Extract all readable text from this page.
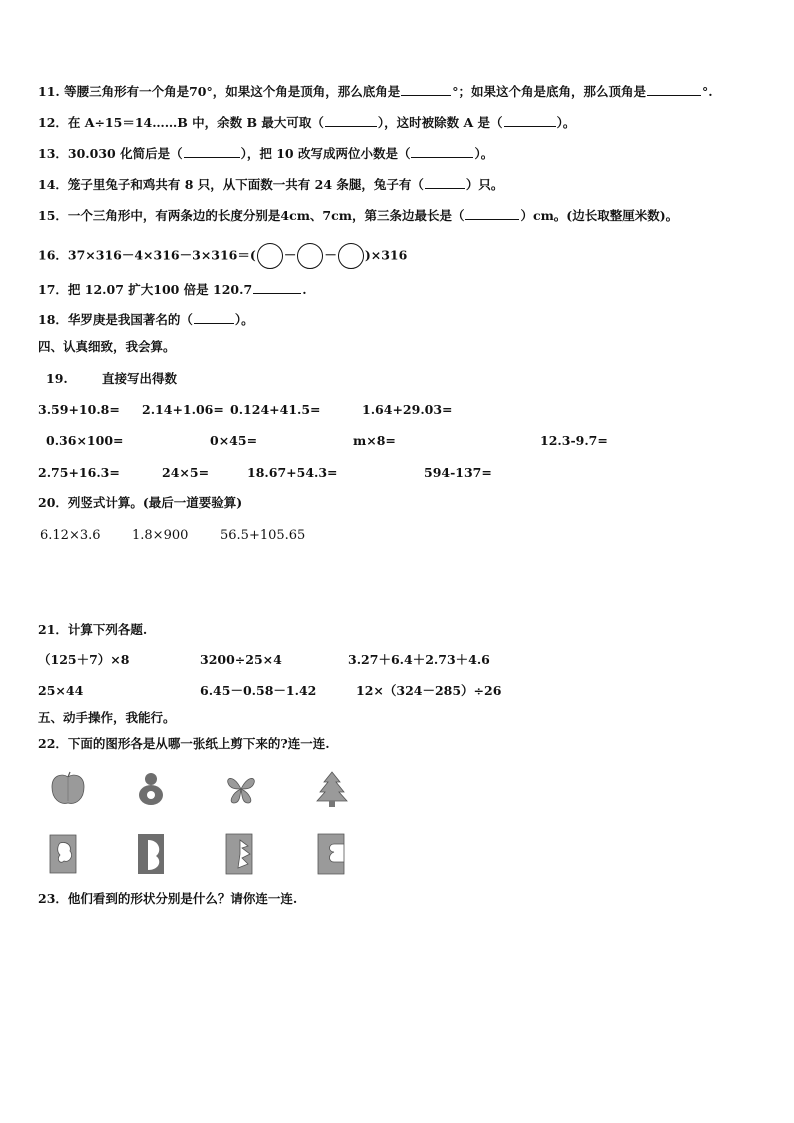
11. 等腰三角形有一个角是70°，如果这个角是顶角，那么底角是	°；如果这个角是底角，那么顶角是	°.
12．在 A÷15＝14……B 中，余数 B 最大可取（	），这时被除数 A 是（	）。
13．30.030 化简后是（	），把 10 改写成两位小数是（	）。
14．笼子里兔子和鸡共有 8 只，从下面数一共有 24 条腿，兔子有（	）只。
15．一个三角形中，有两条边的长度分别是4cm、7cm，第三条边最长是（	）cm。(边长取整厘米数)。
16．37×316－4×316－3×316＝( － － )×316
17．把 12.07 扩大100 倍是 120.7	.
18．华罗庚是我国著名的（	）。
四、认真细致，我会算。
19.	直接写出得数
3.59+10.8= 2.14+1.06= 0.124+41.5=	1.64+29.03=
0.36×100=	0×45=	m×8=	12.3-9.7=
2.75+16.3=	24×5=	18.67+54.3=	594-137=
20．列竖式计算。(最后一道要验算)
6.12×3.6 1.8×900 56.5+105.65
21．计算下列各题.
（125＋7）×8	3200÷25×4	3.27＋6.4＋2.73＋4.6
25×44	6.45－0.58－1.42	12×（324－285）÷26
五、动手操作，我能行。
22．下面的图形各是从哪一张纸上剪下来的?连一连.
23．他们看到的形状分别是什么？请你连一连.
